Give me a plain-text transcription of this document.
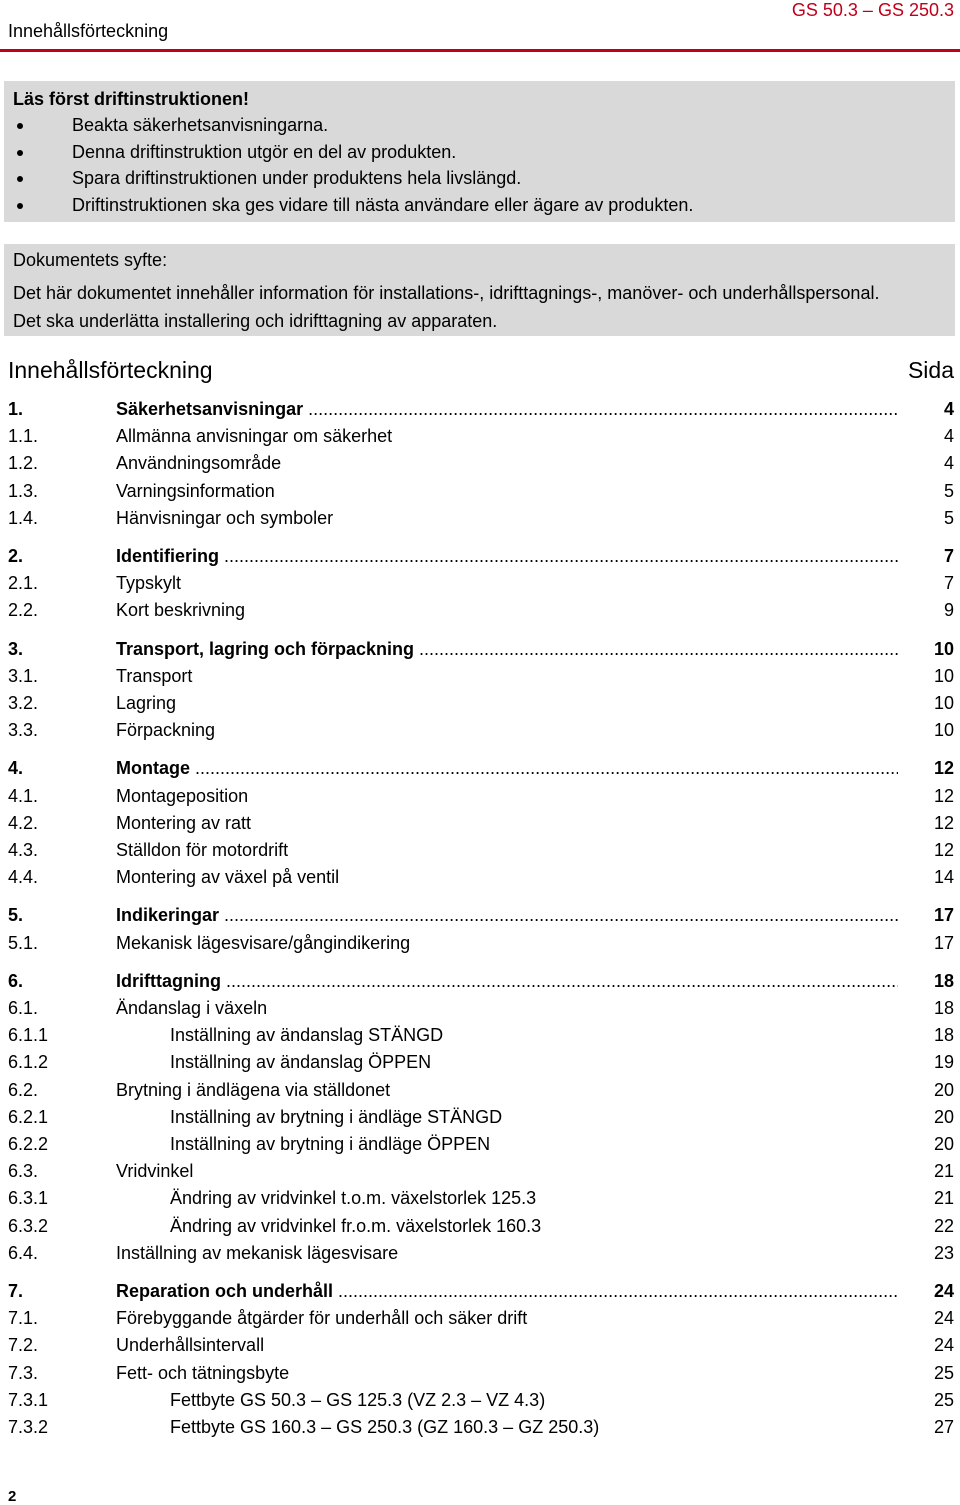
Innehållsförteckning
GS 50.3 – GS 250.3
Läs först driftinstruktionen!
Beakta säkerhetsanvisningarna.
Denna driftinstruktion utgör en del av produkten.
Spara driftinstruktionen under produktens hela livslängd.
Driftinstruktionen ska ges vidare till nästa användare eller ägare av produkten.
Dokumentets syfte:
Det här dokumentet innehåller information för installations-, idrifttagnings-, manöver- och underhållspersonal.
Det ska underlätta installering och idrifttagning av apparaten.
Innehållsförteckning	Sida
1.	Säkerhetsanvisningar .....	4
1.1.	Allmänna anvisningar om säkerhet	4
1.2.	Användningsområde	4
1.3.	Varningsinformation	5
1.4.	Hänvisningar och symboler	5
2.	Identifiering .....	7
2.1.	Typskylt	7
2.2.	Kort beskrivning	9
3.	Transport, lagring och förpackning .....	10
3.1.	Transport	10
3.2.	Lagring	10
3.3.	Förpackning	10
4.	Montage .....	12
4.1.	Montageposition	12
4.2.	Montering av ratt	12
4.3.	Ställdon för motordrift	12
4.4.	Montering av växel på ventil	14
5.	Indikeringar .....	17
5.1.	Mekanisk lägesvisare/gångindikering	17
6.	Idrifttagning .....	18
6.1.	Ändanslag i växeln	18
6.1.1	Inställning av ändanslag STÄNGD	18
6.1.2	Inställning av ändanslag ÖPPEN	19
6.2.	Brytning i ändlägena via ställdonet	20
6.2.1	Inställning av brytning i ändläge STÄNGD	20
6.2.2	Inställning av brytning i ändläge ÖPPEN	20
6.3.	Vridvinkel	21
6.3.1	Ändring av vridvinkel t.o.m. växelstorlek 125.3	21
6.3.2	Ändring av vridvinkel fr.o.m. växelstorlek 160.3	22
6.4.	Inställning av mekanisk lägesvisare	23
7.	Reparation och underhåll .....	24
7.1.	Förebyggande åtgärder för underhåll och säker drift	24
7.2.	Underhållsintervall	24
7.3.	Fett- och tätningsbyte	25
7.3.1	Fettbyte GS 50.3 – GS 125.3 (VZ 2.3 – VZ 4.3)	25
7.3.2	Fettbyte GS 160.3 – GS 250.3 (GZ 160.3 – GZ 250.3)	27
2
